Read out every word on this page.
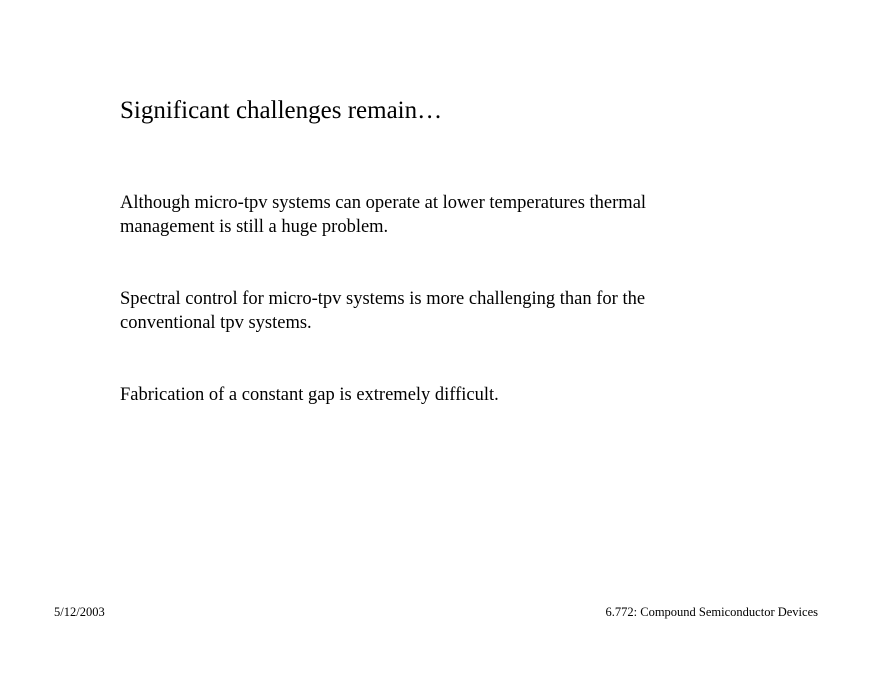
Significant challenges remain…
Although micro-tpv systems can operate at lower temperatures thermal management is still a huge problem.
Spectral control for micro-tpv systems is more challenging than for the conventional tpv systems.
Fabrication of a constant gap is extremely difficult.
5/12/2003	6.772: Compound Semiconductor Devices
